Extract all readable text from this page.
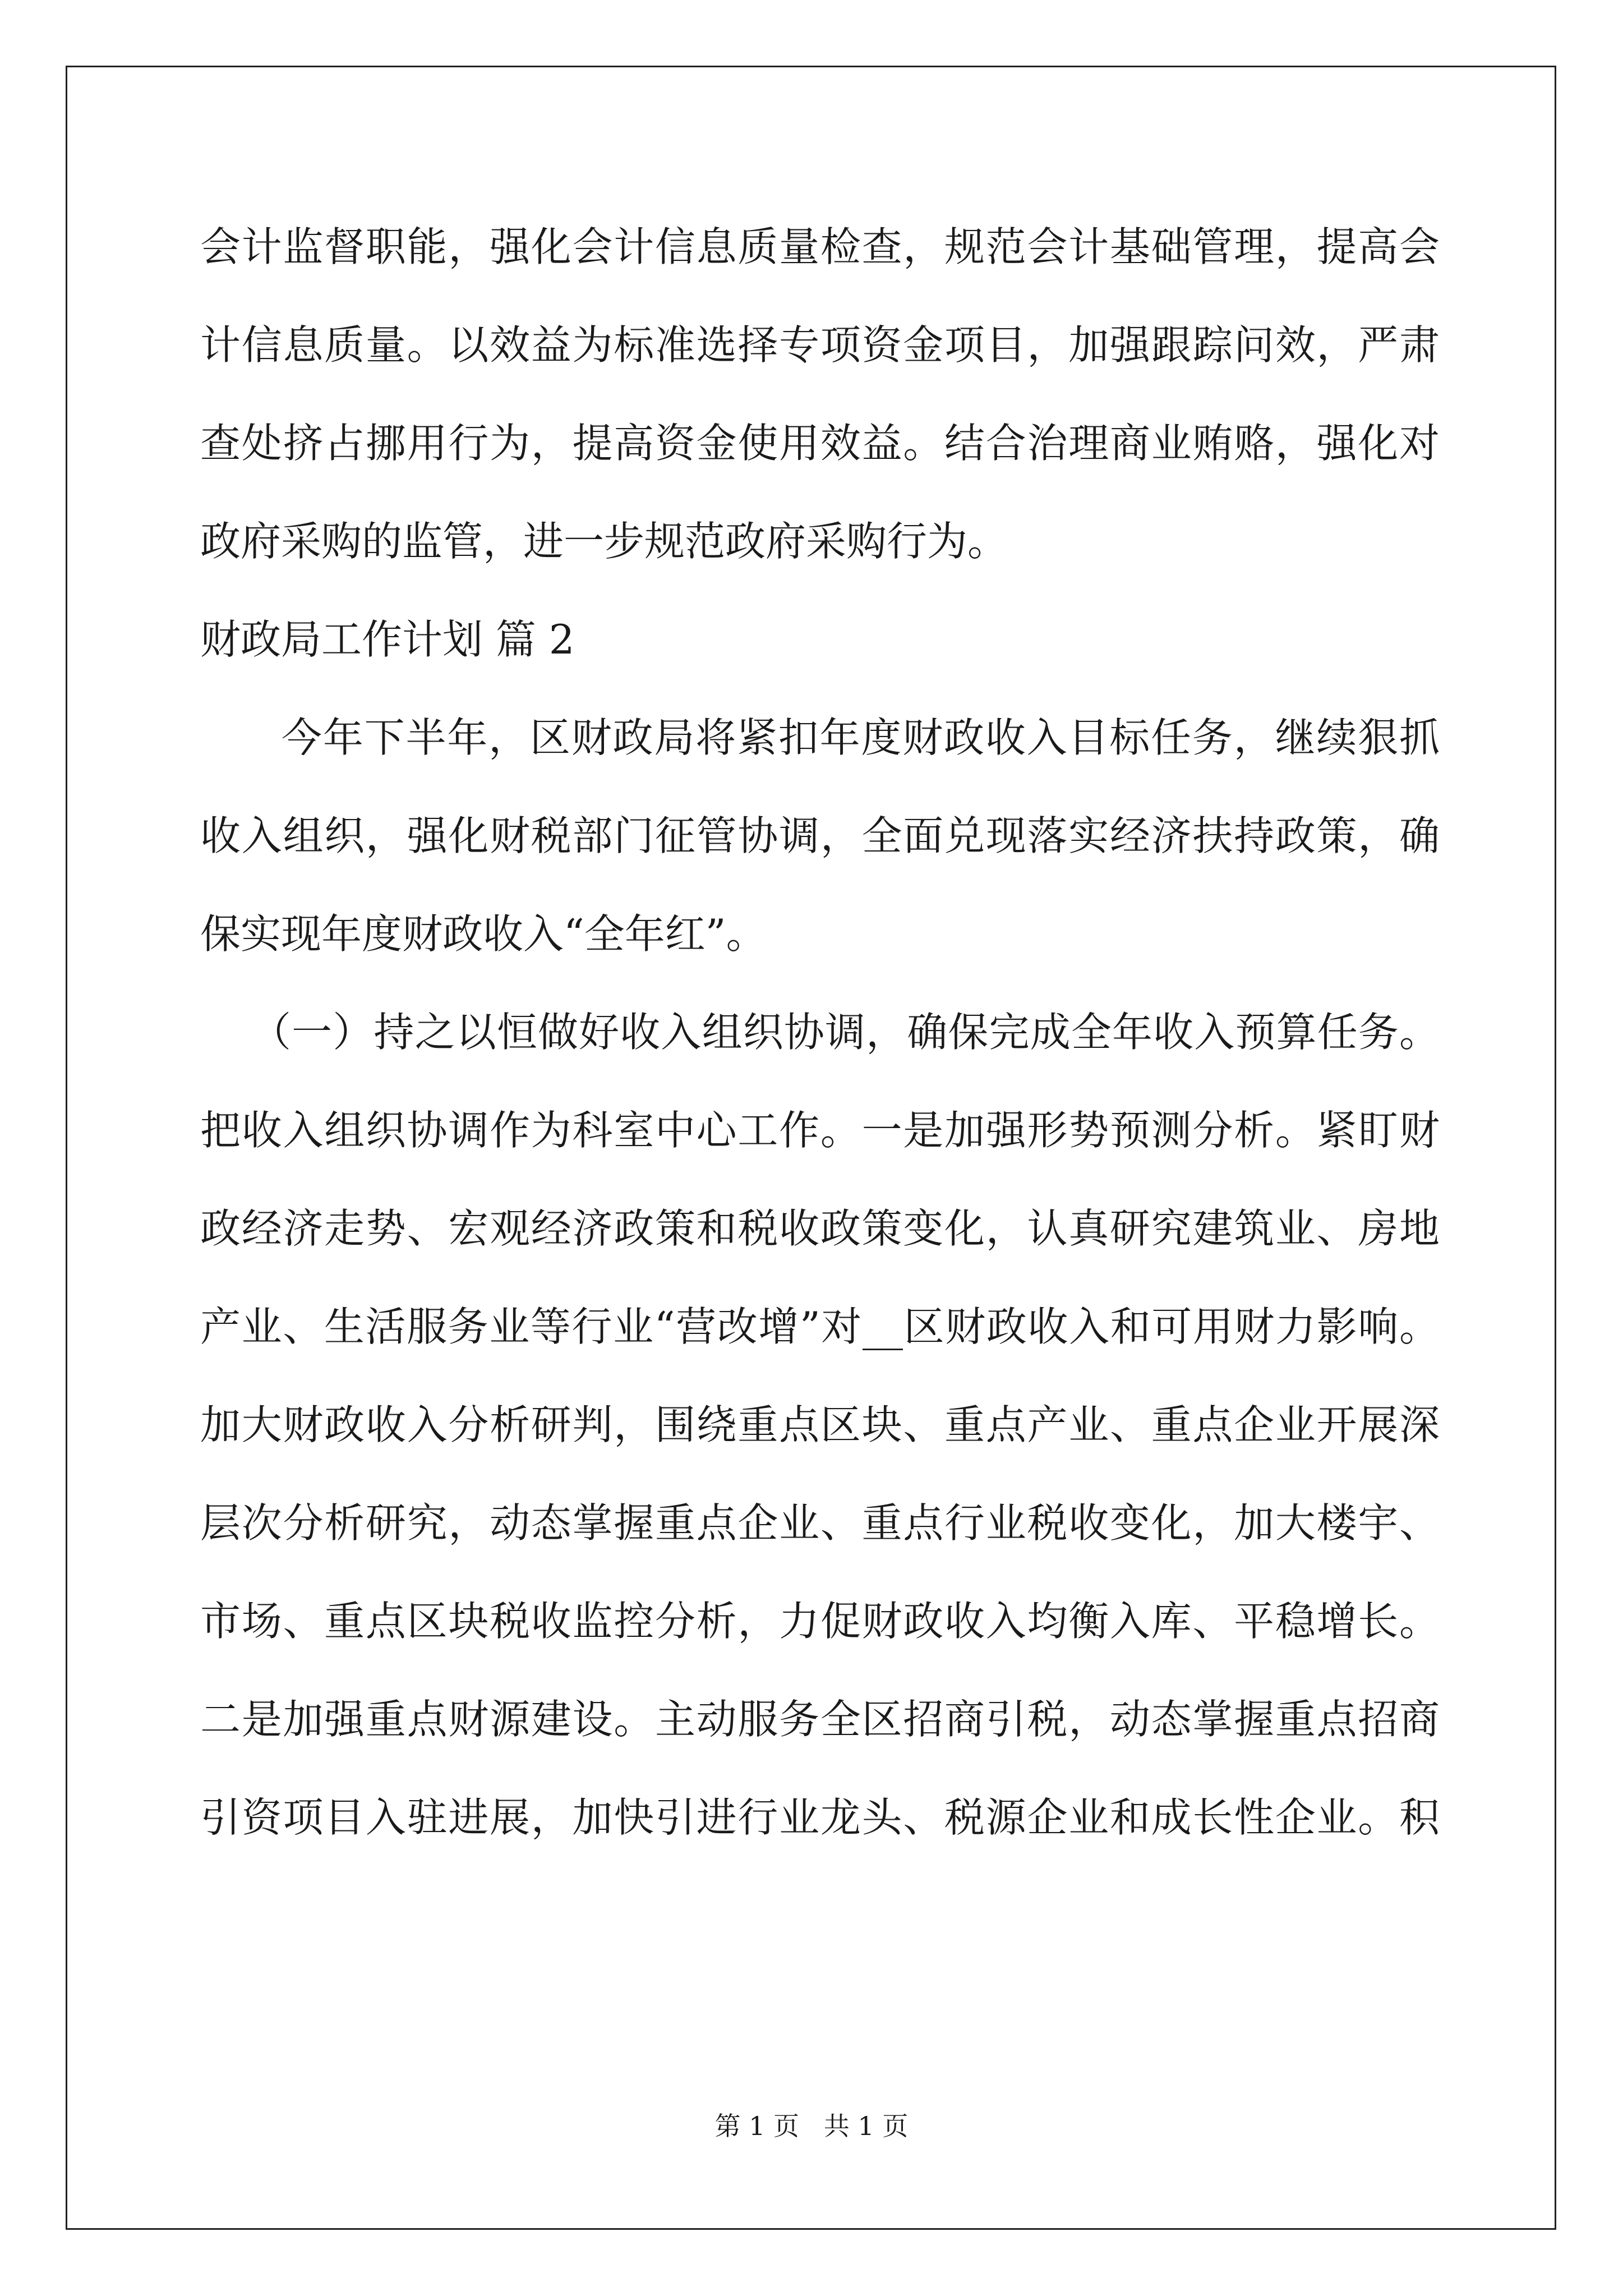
会计监督职能，强化会计信息质量检查，规范会计基础管理，提高会
计信息质量。以效益为标准选择专项资金项目，加强跟踪问效，严肃
查处挤占挪用行为，提高资金使用效益。结合治理商业贿赂，强化对
政府采购的监管，进一步规范政府采购行为。
财政局工作计划 篇 2
今年下半年，区财政局将紧扣年度财政收入目标任务，继续狠抓
收入组织，强化财税部门征管协调，全面兑现落实经济扶持政策，确
保实现年度财政收入“全年红”。
（一）持之以恒做好收入组织协调，确保完成全年收入预算任务。
把收入组织协调作为科室中心工作。一是加强形势预测分析。紧盯财
政经济走势、宏观经济政策和税收政策变化，认真研究建筑业、房地
产业、生活服务业等行业“营改增”对__区财政收入和可用财力影响。
加大财政收入分析研判，围绕重点区块、重点产业、重点企业开展深
层次分析研究，动态掌握重点企业、重点行业税收变化，加大楼宇、
市场、重点区块税收监控分析，力促财政收入均衡入库、平稳增长。
二是加强重点财源建设。主动服务全区招商引税，动态掌握重点招商
引资项目入驻进展，加快引进行业龙头、税源企业和成长性企业。积
第 1 页   共 1 页
